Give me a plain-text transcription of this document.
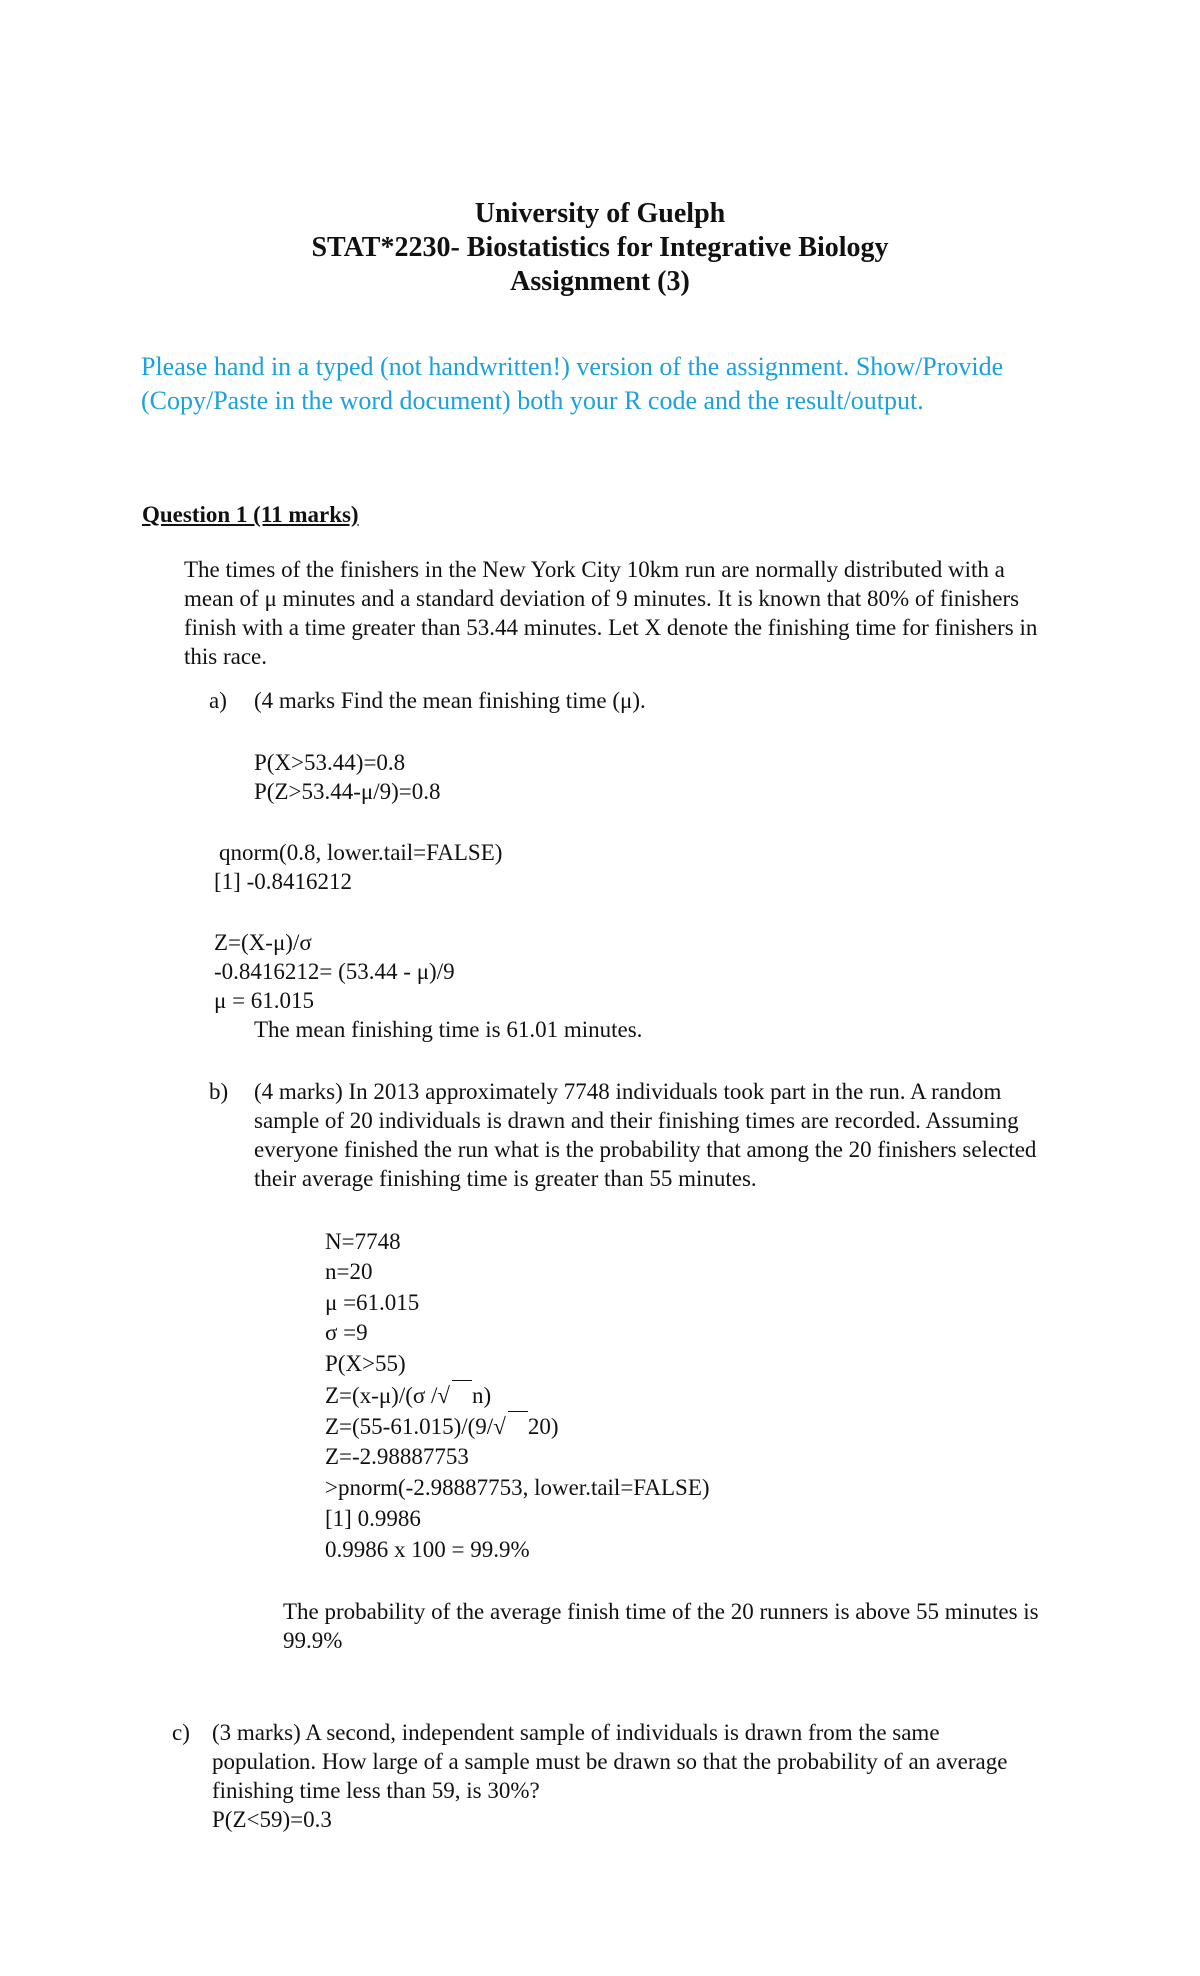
University of Guelph
STAT*2230- Biostatistics for Integrative Biology
Assignment (3)
Please hand in a typed (not handwritten!) version of the assignment. Show/Provide
(Copy/Paste in the word document) both your R code and the result/output.
Question 1 (11 marks)
The times of the finishers in the New York City 10km run are normally distributed with a
mean of μ minutes and a standard deviation of 9 minutes. It is known that 80% of finishers
finish with a time greater than 53.44 minutes. Let X denote the finishing time for finishers in
this race.
a) (4 marks Find the mean finishing time (μ).
P(X>53.44)=0.8
P(Z>53.44-μ/9)=0.8
qnorm(0.8, lower.tail=FALSE)
[1] -0.8416212
Z=(X-μ)/σ
-0.8416212= (53.44 - μ)/9
μ = 61.015
The mean finishing time is 61.01 minutes.
b) (4 marks) In 2013 approximately 7748 individuals took part in the run. A random
sample of 20 individuals is drawn and their finishing times are recorded. Assuming
everyone finished the run what is the probability that among the 20 finishers selected
their average finishing time is greater than 55 minutes.
N=7748
n=20
μ =61.015
σ =9
P(X>55)
Z=(x-μ)/(σ /√ n)
Z=(55-61.015)/(9/√ 20)
Z=-2.98887753
>pnorm(-2.98887753, lower.tail=FALSE)
[1] 0.9986
0.9986 x 100 = 99.9%
The probability of the average finish time of the 20 runners is above 55 minutes is
99.9%
c) (3 marks) A second, independent sample of individuals is drawn from the same
population. How large of a sample must be drawn so that the probability of an average
finishing time less than 59, is 30%?
P(Z<59)=0.3
